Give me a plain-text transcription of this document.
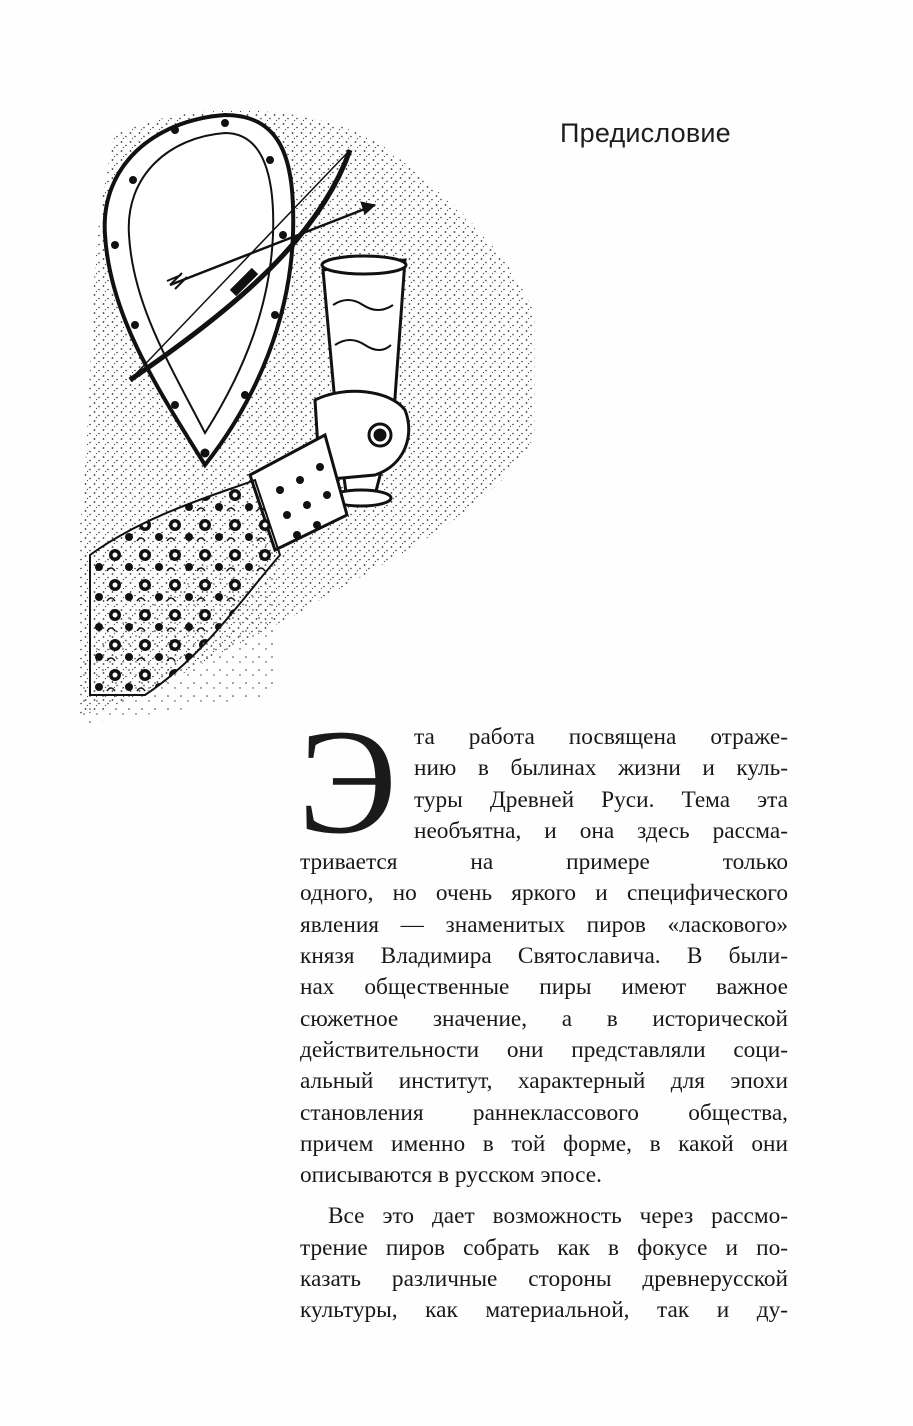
Предисловие
Э та работа посвящена отраже-
нию в былинах жизни и куль-
туры Древней Руси. Тема эта
необъятна, и она здесь рассма-
тривается на примере только
одного, но очень яркого и специфического
явления — знаменитых пиров «ласкового»
князя Владимира Святославича. В были-
нах общественные пиры имеют важное
сюжетное значение, а в исторической
действительности они представляли соци-
альный институт, характерный для эпохи
становления раннеклассового общества,
причем именно в той форме, в какой они
описываются в русском эпосе.
Все это дает возможность через рассмо-
трение пиров собрать как в фокусе и по-
казать различные стороны древнерусской
культуры, как материальной, так и ду-
